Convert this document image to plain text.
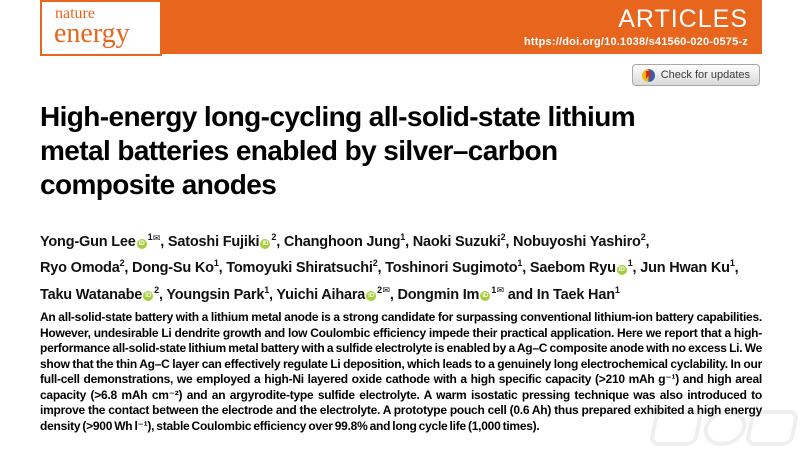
ARTICLES
https://doi.org/10.1038/s41560-020-0575-z
nature
energy
Check for updates
High-energy long-cycling all-solid-state lithium
metal batteries enabled by silver–carbon
composite anodes
Yong-Gun Lee $iD^{1✉}$, Satoshi Fujiki $iD^2$, Changhoon Jung$^1$, Naoki Suzuki$^2$, Nobuyoshi Yashiro$^2$,
Ryo Omoda$^2$, Dong-Su Ko$^1$, Tomoyuki Shiratsuchi$^2$, Toshinori Sugimoto$^1$, Saebom Ryu $iD^1$, Jun Hwan Ku$^1$,
Taku Watanabe $iD^2$, Youngsin Park$^1$, Yuichi Aihara $iD^{2✉}$, Dongmin Im $iD^{1✉}$ and In Taek Han$^1$

An all-solid-state battery with a lithium metal anode is a strong candidate for surpassing conventional lithium-ion battery capabilities. However, undesirable Li dendrite growth and low Coulombic efficiency impede their practical application. Here we report that a high-performance all-solid-state lithium metal battery with a sulfide electrolyte is enabled by a Ag–C composite anode with no excess Li. We show that the thin Ag–C layer can effectively regulate Li deposition, which leads to a genuinely long electrochemical cyclability. In our full-cell demonstrations, we employed a high-Ni layered oxide cathode with a high specific capacity (>210 mAh g⁻¹) and high areal capacity (>6.8 mAh cm⁻²) and an argyrodite-type sulfide electrolyte. A warm isostatic pressing technique was also introduced to improve the contact between the electrode and the electrolyte. A prototype pouch cell (0.6 Ah) thus prepared exhibited a high energy density (>900 Wh l⁻¹), stable Coulombic efficiency over 99.8% and long cycle life (1,000 times).
